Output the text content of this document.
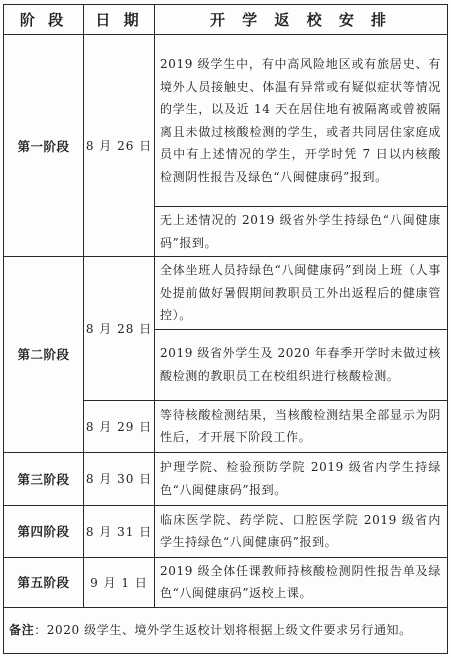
阶 段	日 期	开 学 返 校 安 排
第一阶段	8 月 26 日	2019 级学生中，有中高风险地区或有旅居史、有境外人员接触史、体温有异常或有疑似症状等情况的学生，以及近 14 天在居住地有被隔离或曾被隔离且未做过核酸检测的学生，或者共同居住家庭成员中有上述情况的学生，开学时凭 7 日以内核酸检测阴性报告及绿色“八闽健康码”报到。
		无上述情况的 2019 级省外学生持绿色“八闽健康码”报到。
第二阶段	8 月 28 日	全体坐班人员持绿色“八闽健康码”到岗上班（人事处提前做好暑假期间教职员工外出返程后的健康管控）。
		2019 级省外学生及 2020 年春季开学时未做过核酸检测的教职员工在校组织进行核酸检测。
	8 月 29 日	等待核酸检测结果，当核酸检测结果全部显示为阴性后，才开展下阶段工作。
第三阶段	8 月 30 日	护理学院、检验预防学院 2019 级省内学生持绿色“八闽健康码”报到。
第四阶段	8 月 31 日	临床医学院、药学院、口腔医学院 2019 级省内学生持绿色“八闽健康码”报到。
第五阶段	9 月 1 日	2019 级全体任课教师持核酸检测阴性报告单及绿色“八闽健康码”返校上课。
备注：2020 级学生、境外学生返校计划将根据上级文件要求另行通知。		
